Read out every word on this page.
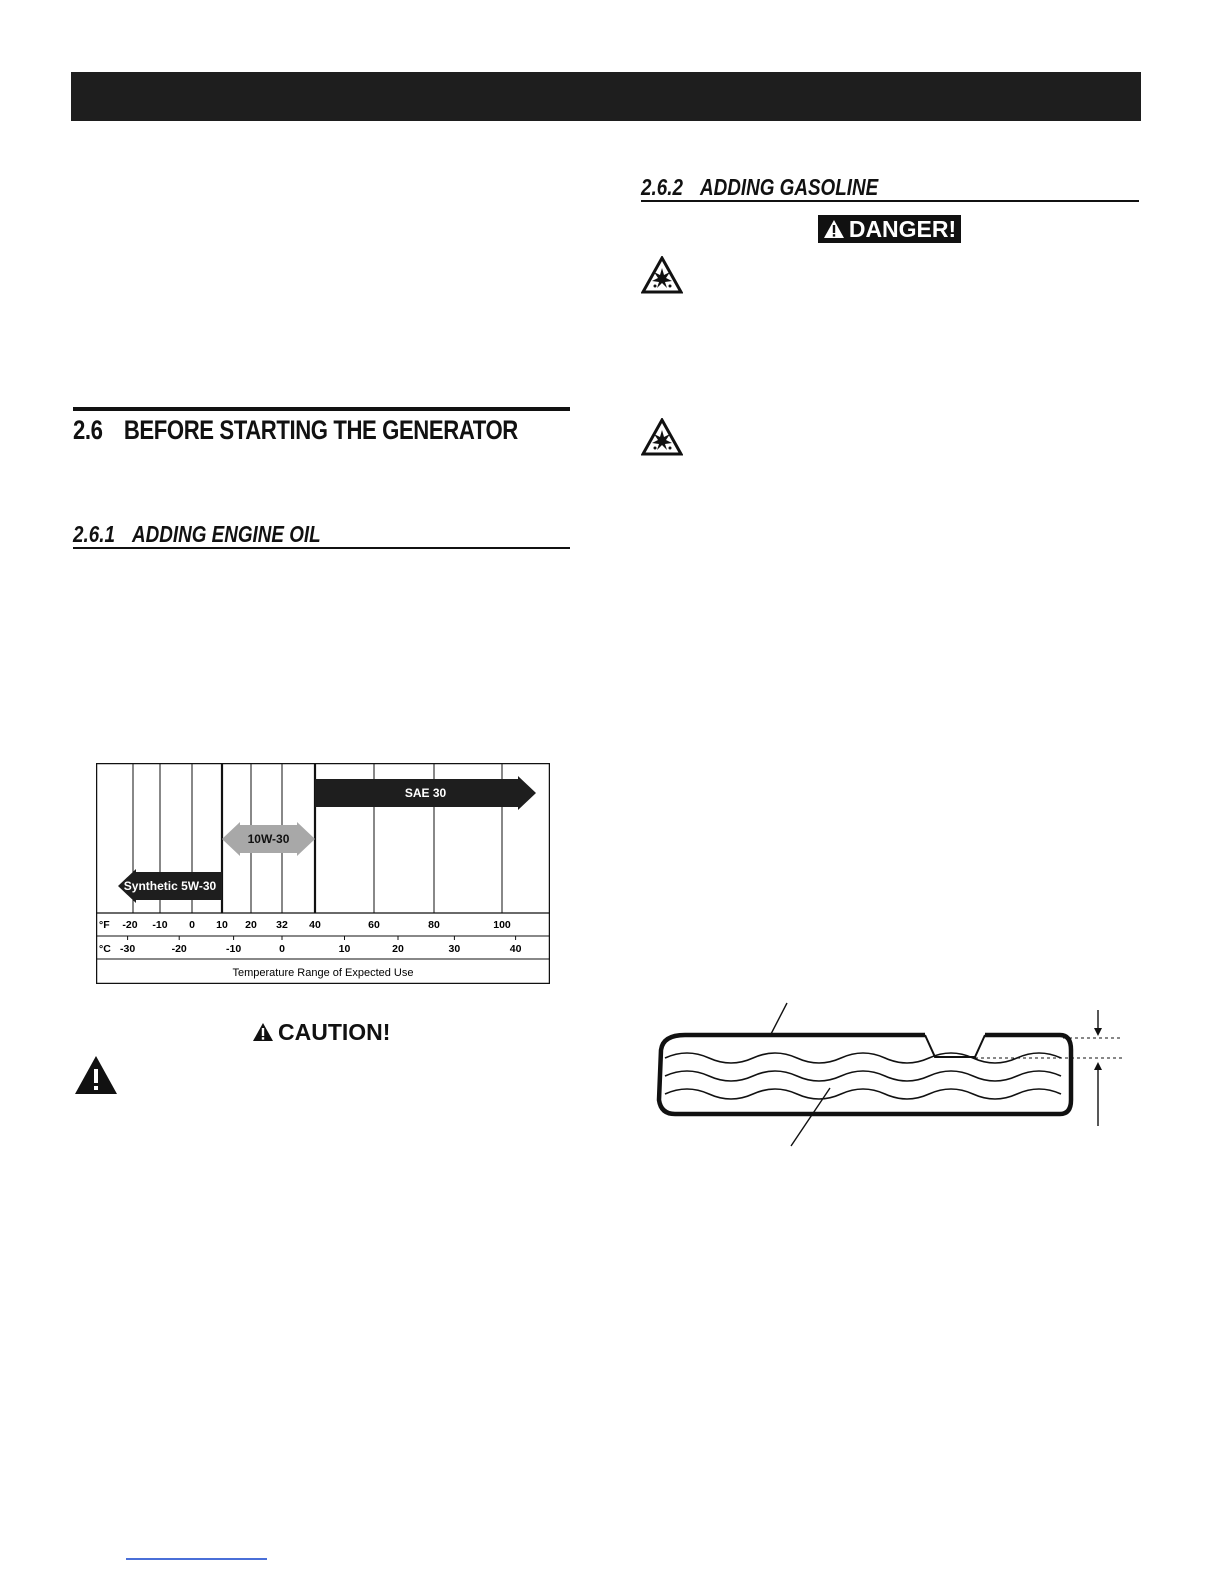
2.6 BEFORE STARTING THE GENERATOR
2.6.1 ADDING ENGINE OIL
2.6.2 ADDING GASOLINE
DANGER!
Synthetic 5W-30
10W-30
SAE 30
°F
°C
-20 -10 0 10 20 32 40	60	80	100
-30	-20	-10	0	10	20	30	40
Temperature Range of Expected Use
CAUTION!
